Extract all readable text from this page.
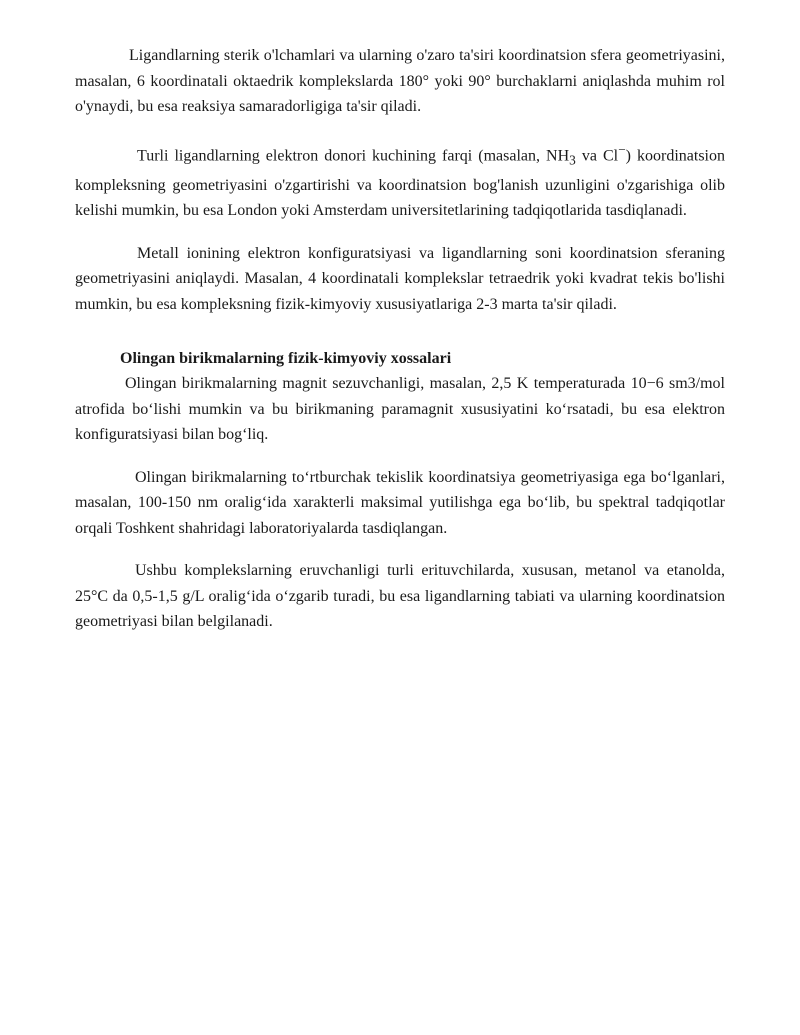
Ligandlarning sterik o'lchamlari va ularning o'zaro ta'siri koordinatsion sfera geometriyasini, masalan, 6 koordinatali oktaedrik komplekslarda 180° yoki 90° burchaklarni aniqlashda muhim rol o'ynaydi, bu esa reaksiya samaradorligiga ta'sir qiladi.

Turli ligandlarning elektron donori kuchining farqi (masalan, $NH_3$ va Cl−) koordinatsion kompleksning geometriyasini o'zgartirishi va koordinatsion bog'lanish uzunligini o'zgarishiga olib kelishi mumkin, bu esa London yoki Amsterdam universitetlarining tadqiqotlarida tasdiqlanadi.

Metall ionining elektron konfiguratsiyasi va ligandlarning soni koordinatsion sferaning geometriyasini aniqlaydi. Masalan, 4 koordinatali komplekslar tetraedrik yoki kvadrat tekis bo'lishi mumkin, bu esa kompleksning fizik-kimyoviy xususiyatlariga 2-3 marta ta'sir qiladi.

Olingan birikmalarning fizik-kimyoviy xossalari

Olingan birikmalarning magnit sezuvchanligi, masalan, 2,5 K temperaturada 10−6 sm3/mol atrofida boʻlishi mumkin va bu birikmaning paramagnit xususiyatini koʻrsatadi, bu esa elektron konfiguratsiyasi bilan bogʻliq.

Olingan birikmalarning toʻrtburchak tekislik koordinatsiya geometriyasiga ega boʻlganlari, masalan, 100-150 nm oraligʻida xarakterli maksimal yutilishga ega boʻlib, bu spektral tadqiqotlar orqali Toshkent shahridagi laboratoriyalarda tasdiqlangan.

Ushbu komplekslarning eruvchanligi turli erituvchilarda, xususan, metanol va etanolda, 25°C da 0,5-1,5 g/L oraligʻida oʻzgarib turadi, bu esa ligandlarning tabiati va ularning koordinatsion geometriyasi bilan belgilanadi.
